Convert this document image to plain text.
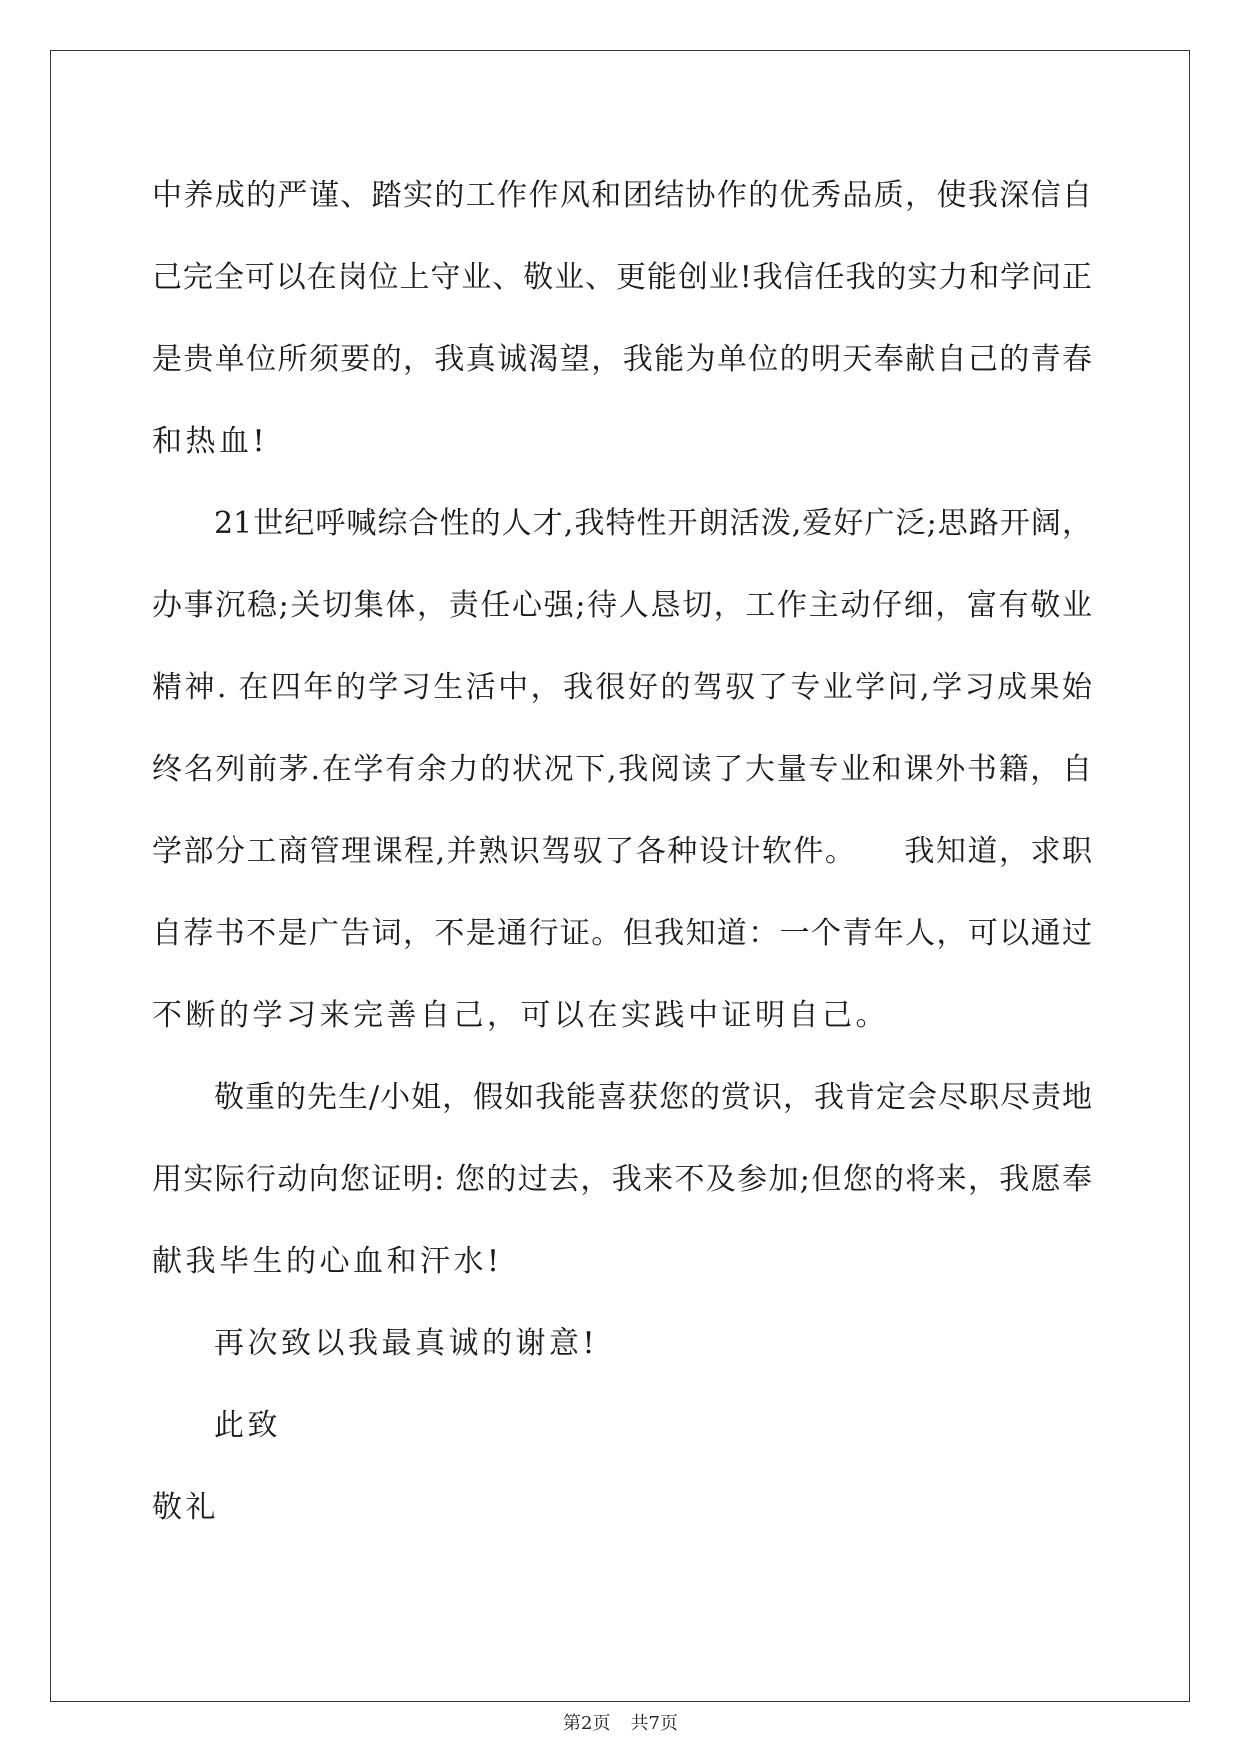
中养成的严谨、踏实的工作作风和团结协作的优秀品质，使我深信自
己完全可以在岗位上守业、敬业、更能创业!我信任我的实力和学问正
是贵单位所须要的，我真诚渴望，我能为单位的明天奉献自己的青春
和热血!
21世纪呼喊综合性的人才,我特性开朗活泼,爱好广泛;思路开阔，
办事沉稳;关切集体，责任心强;待人恳切，工作主动仔细，富有敬业
精神. 在四年的学习生活中，我很好的驾驭了专业学问,学习成果始
终名列前茅.在学有余力的状况下,我阅读了大量专业和课外书籍，自
学部分工商管理课程,并熟识驾驭了各种设计软件。　　我知道，求职
自荐书不是广告词，不是通行证。但我知道：一个青年人，可以通过
不断的学习来完善自己，可以在实践中证明自己。
敬重的先生/小姐，假如我能喜获您的赏识，我肯定会尽职尽责地
用实际行动向您证明: 您的过去，我来不及参加;但您的将来，我愿奉
献我毕生的心血和汗水!
再次致以我最真诚的谢意!
此致
敬礼
第2页 共7页
